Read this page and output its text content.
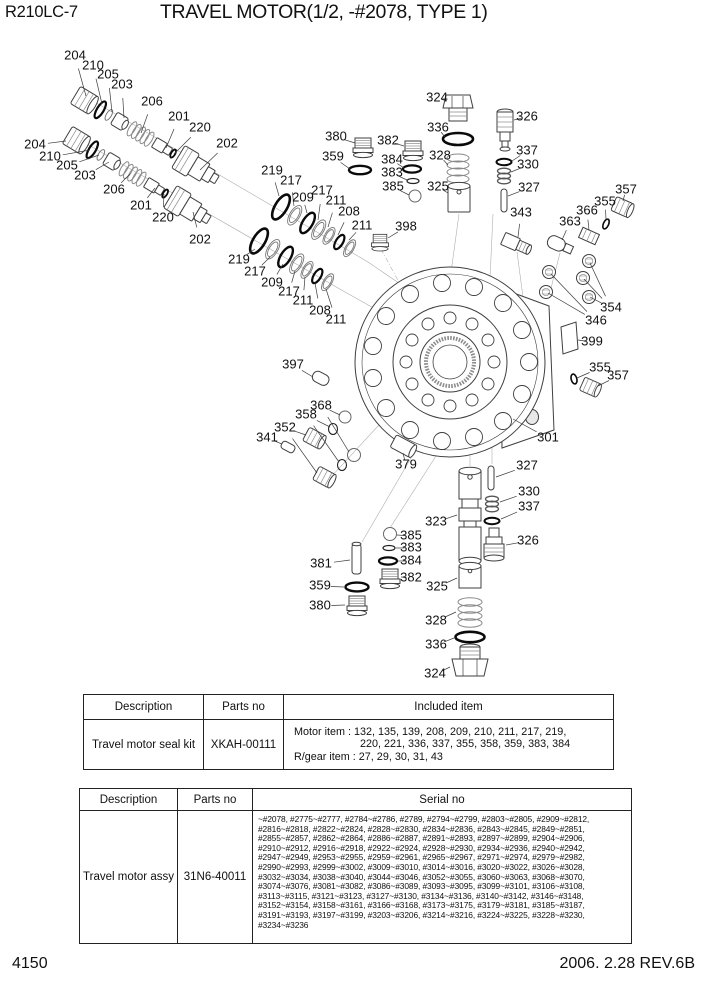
R210LC-7	TRAVEL MOTOR(1/2, -#2078, TYPE 1)
204
210
205
203
206
201
220
202
204
210
205
203
206
201
220
202
219
217
209
217
211
208
211
219
217
209
217
211
208
211
380
359
382
384
383
385
324
336
328
325
326
337
330
327
343
398	363
366
355
357
354
346
399
355
357
301
397
368
358
352
341
379
323
327
330
337
326
385
383
384
382
381
359
380
325
328
336
324
Description	Parts no	Included item
Travel motor seal kit	XKAH-00111
Motor item : 132, 135, 139, 208, 209, 210, 211, 217, 219,
220, 221, 336, 337, 355, 358, 359, 383, 384
R/gear item : 27, 29, 30, 31, 43
Description	Parts no	Serial no
Travel motor assy 31N6-40011
~#2078, #2775~#2777, #2784~#2786, #2789, #2794~#2799, #2803~#2805, #2909~#2812,
#2816~#2818, #2822~#2824, #2828~#2830, #2834~#2836, #2843~#2845, #2849~#2851,
#2855~#2857, #2862~#2864, #2886~#2887, #2891~#2893, #2897~#2899, #2904~#2906,
#2910~#2912, #2916~#2918, #2922~#2924, #2928~#2930, #2934~#2936, #2940~#2942,
#2947~#2949, #2953~#2955, #2959~#2961, #2965~#2967, #2971~#2974, #2979~#2982,
#2990~#2993, #2999~#3002, #3009~#3010, #3014~#3016, #3020~#3022, #3026~#3028,
#3032~#3034, #3038~#3040, #3044~#3046, #3052~#3055, #3060~#3063, #3068~#3070,
#3074~#3076, #3081~#3082, #3086~#3089, #3093~#3095, #3099~#3101, #3106~#3108,
#3113~#3115, #3121~#3123, #3127~#3130, #3134~#3136, #3140~#3142, #3146~#3148,
#3152~#3154, #3158~#3161, #3166~#3168, #3173~#3175, #3179~#3181, #3185~#3187,
#3191~#3193, #3197~#3199, #3203~#3206, #3214~#3216, #3224~#3225, #3228~#3230,
#3234~#3236
4150	2006. 2.28 REV.6B
